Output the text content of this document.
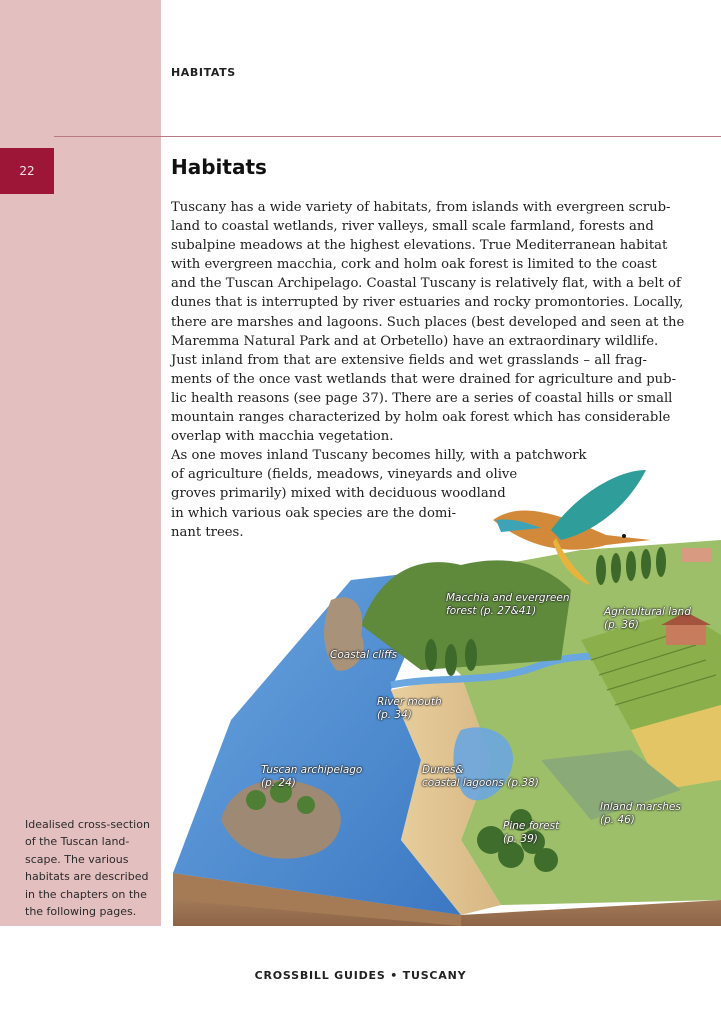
22
HABITATS
Habitats
Tuscany has a wide variety of habitats, from islands with evergreen scrub-
land to coastal wetlands, river valleys, small scale farmland, forests and
subalpine meadows at the highest elevations. True Mediterranean habitat
with evergreen macchia, cork and holm oak forest is limited to the coast
and the Tuscan Archipelago. Coastal Tuscany is relatively flat, with a belt of
dunes that is interrupted by river estuaries and rocky promontories. Locally,
there are marshes and lagoons. Such places (best developed and seen at the
Maremma Natural Park and at Orbetello) have an extraordinary wildlife.
Just inland from that are extensive fields and wet grasslands – all frag-
ments of the once vast wetlands that were drained for agriculture and pub-
lic health reasons (see page 37). There are a series of coastal hills or small
mountain ranges characterized by holm oak forest which has considerable
overlap with macchia vegetation.
As one moves inland Tuscany becomes hilly, with a patchwork
of agriculture (fields, meadows, vineyards and olive
groves primarily) mixed with deciduous woodland
in which various oak species are the domi-
nant trees.
Macchia and evergreen
forest (p. 27&41)	Agricultural land
(p. 36)
Coastal cliffs
River mouth
(p. 34)
Tuscan archipelago
(p. 24)
Dunes&
coastal lagoons (p.38)
Inland marshes
(p. 46)
Pine forest
(p. 39)
Idealised cross-section
of the Tuscan land-
scape. The various
habitats are described
in the chapters on the
the following pages.
CROSSBILL GUIDES • TUSCANY
